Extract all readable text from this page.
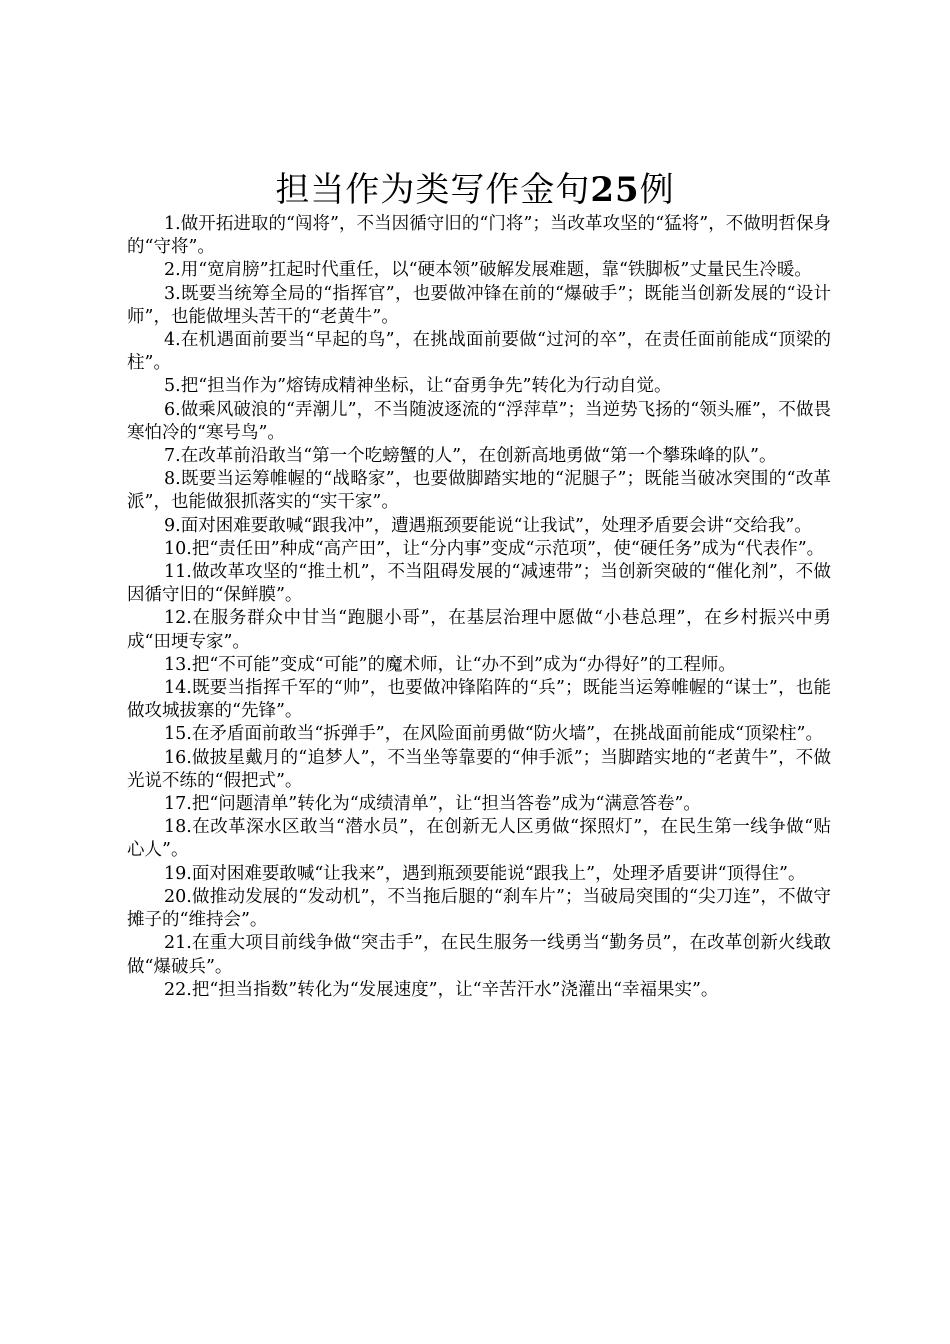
担当作为类写作金句25例

1.做开拓进取的“闯将”，不当因循守旧的“门将”；当改革攻坚的“猛将”，不做明哲保身的“守将”。

2.用“宽肩膀”扛起时代重任，以“硬本领”破解发展难题，靠“铁脚板”丈量民生冷暖。

3.既要当统筹全局的“指挥官”，也要做冲锋在前的“爆破手”；既能当创新发展的“设计师”，也能做埋头苦干的“老黄牛”。

4.在机遇面前要当“早起的鸟”，在挑战面前要做“过河的卒”，在责任面前能成“顶梁的柱”。

5.把“担当作为”熔铸成精神坐标，让“奋勇争先”转化为行动自觉。

6.做乘风破浪的“弄潮儿”，不当随波逐流的“浮萍草”；当逆势飞扬的“领头雁”，不做畏寒怕冷的“寒号鸟”。

7.在改革前沿敢当“第一个吃螃蟹的人”，在创新高地勇做“第一个攀珠峰的队”。

8.既要当运筹帷幄的“战略家”，也要做脚踏实地的“泥腿子”；既能当破冰突围的“改革派”，也能做狠抓落实的“实干家”。

9.面对困难要敢喊“跟我冲”，遭遇瓶颈要能说“让我试”，处理矛盾要会讲“交给我”。

10.把“责任田”种成“高产田”，让“分内事”变成“示范项”，使“硬任务”成为“代表作”。

11.做改革攻坚的“推土机”，不当阻碍发展的“减速带”；当创新突破的“催化剂”，不做因循守旧的“保鲜膜”。

12.在服务群众中甘当“跑腿小哥”，在基层治理中愿做“小巷总理”，在乡村振兴中勇成“田埂专家”。

13.把“不可能”变成“可能”的魔术师，让“办不到”成为“办得好”的工程师。

14.既要当指挥千军的“帅”，也要做冲锋陷阵的“兵”；既能当运筹帷幄的“谋士”，也能做攻城拔寨的“先锋”。

15.在矛盾面前敢当“拆弹手”，在风险面前勇做“防火墙”，在挑战面前能成“顶梁柱”。

16.做披星戴月的“追梦人”，不当坐等靠要的“伸手派”；当脚踏实地的“老黄牛”，不做光说不练的“假把式”。

17.把“问题清单”转化为“成绩清单”，让“担当答卷”成为“满意答卷”。

18.在改革深水区敢当“潜水员”，在创新无人区勇做“探照灯”，在民生第一线争做“贴心人”。

19.面对困难要敢喊“让我来”，遇到瓶颈要能说“跟我上”，处理矛盾要讲“顶得住”。

20.做推动发展的“发动机”，不当拖后腿的“刹车片”；当破局突围的“尖刀连”，不做守摊子的“维持会”。

21.在重大项目前线争做“突击手”，在民生服务一线勇当“勤务员”，在改革创新火线敢做“爆破兵”。

22.把“担当指数”转化为“发展速度”，让“辛苦汗水”浇灌出“幸福果实”。
